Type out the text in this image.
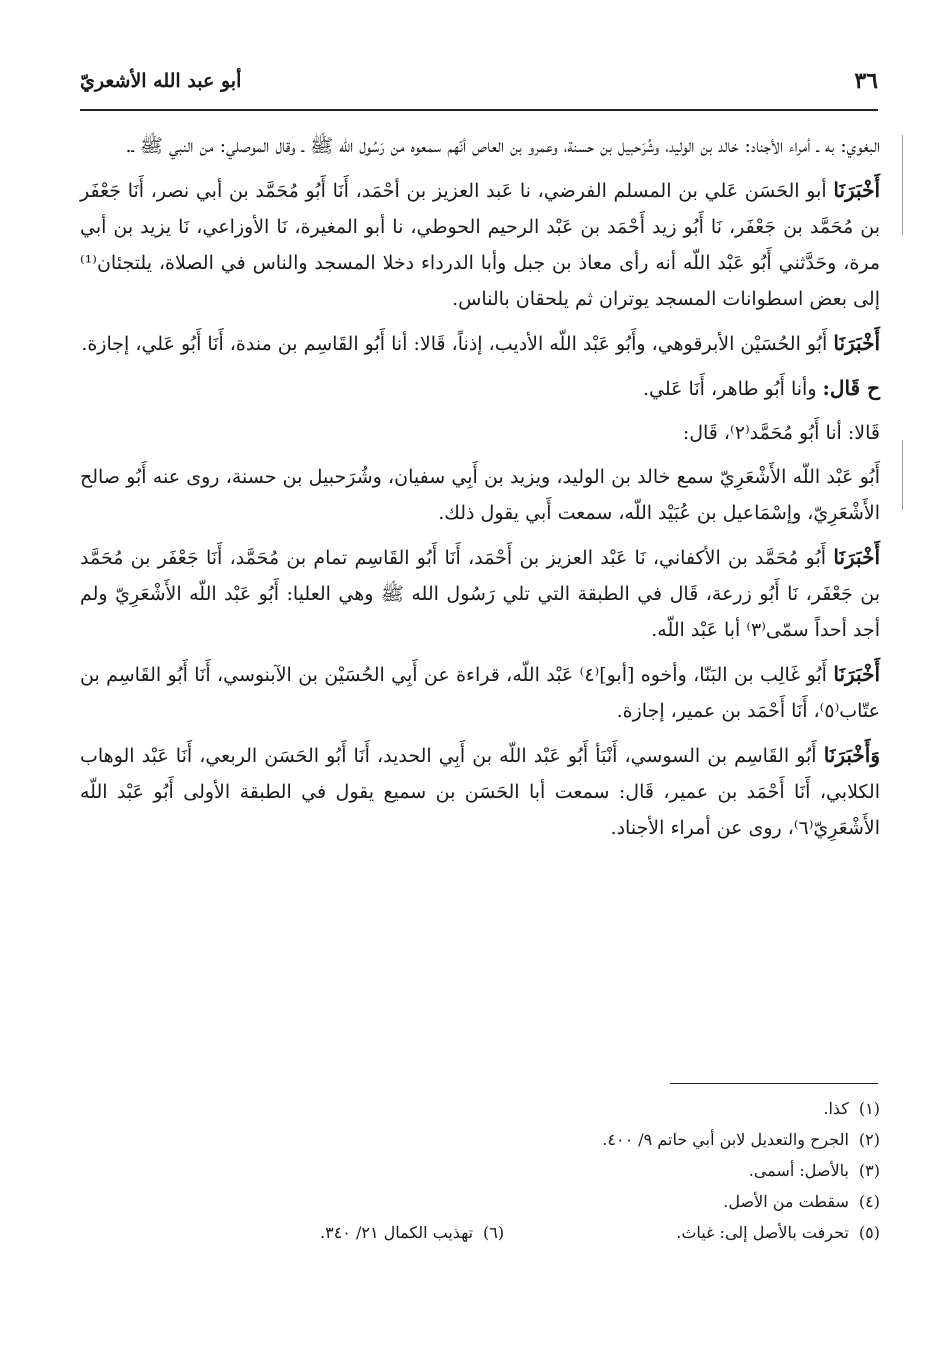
٣٦
أبو عبد الله الأشعريّ

البغوي: به ـ أمراء الأجناد: خالد بن الوليد، وشُرَحبيل بن حسنة، وعمرو بن العاص أنّهم سمعوه من رَسُول الله ﷺ ـ وقال الموصلي: من النبي ﷺ ـ.

أَخْبَرَنَا أبو الحَسَن عَلي بن المسلم الفرضي، نا عَبد العزيز بن أحْمَد، أَنَا أَبُو مُحَمَّد بن أبي نصر، أَنَا جَعْفَر بن مُحَمَّد بن جَعْفَر، نَا أَبُو زيد أَحْمَد بن عَبْد الرحيم الحوطي، نا أبو المغيرة، نَا الأوزاعي، نَا يزيد بن أبي مرة، وحَدَّثني أَبُو عَبْد اللّه أنه رأى معاذ بن جبل وأبا الدرداء دخلا المسجد والناس في الصلاة، يلتجئان⁽¹⁾ إلى بعض اسطوانات المسجد يوتران ثم يلحقان بالناس.

أَخْبَرَنَا أَبُو الحُسَيْن الأبرقوهي، وأَبُو عَبْد اللّه الأديب، إذناً، قَالا: أنا أَبُو القَاسِم بن مندة، أَنَا أَبُو عَلي، إجازة.

ح قَال: وأنا أَبُو طاهر، أَنَا عَلي.

قَالا: أنا أَبُو مُحَمَّد⁽٢⁾، قَال:

أَبُو عَبْد اللّه الأَشْعَرِيّ سمع خالد بن الوليد، ويزيد بن أَبِي سفيان، وشُرَحبيل بن حسنة، روى عنه أَبُو صالح الأَشْعَرِيّ، وإسْمَاعيل بن عُبَيْد اللّه، سمعت أَبي يقول ذلك.

أَخْبَرَنَا أَبُو مُحَمَّد بن الأكفاني، نَا عَبْد العزيز بن أَحْمَد، أَنَا أَبُو القَاسِم تمام بن مُحَمَّد، أَنَا جَعْفَر بن مُحَمَّد بن جَعْفَر، نَا أَبُو زرعة، قَال في الطبقة التي تلي رَسُول الله ﷺ وهي العليا: أَبُو عَبْد اللّه الأَشْعَرِيّ ولم أجد أحداً سمّى⁽٣⁾ أبا عَبْد اللّه.

أَخْبَرَنَا أَبُو غَالِب بن البَنّا، وأخوه [أبو]⁽٤⁾ عَبْد اللّه، قراءة عن أَبِي الحُسَيْن بن الآبنوسي، أَنَا أَبُو القَاسِم بن عتّاب⁽٥⁾، أَنَا أَحْمَد بن عمير، إجازة.

وَأَخْبَرَنَا أَبُو القَاسِم بن السوسي، أَنْبَأ أَبُو عَبْد اللّه بن أَبِي الحديد، أَنَا أَبُو الحَسَن الربعي، أَنَا عَبْد الوهاب الكلابي، أَنَا أَحْمَد بن عمير، قَال: سمعت أبا الحَسَن بن سميع يقول في الطبقة الأولى أَبُو عَبْد اللّه الأَشْعَرِيّ⁽٦⁾، روى عن أمراء الأجناد.

(١)كذا.

(٢)الجرح والتعديل لابن أبي حاتم ٩/ ٤٠٠.

(٣)بالأصل: أسمى.

(٤)سقطت من الأصل.

(٥)تحرفت بالأصل إلى: غياث.

(٦)تهذيب الكمال ٢١/ ٣٤٠.
